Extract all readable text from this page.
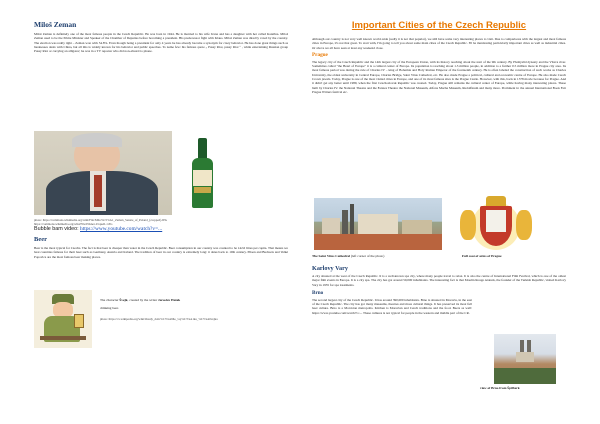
Miloš Zeman
Miloš Zeman is definitely one of the most famous people in the Czech Republic. He was born in 1944. He is married to his wife Ivana and has a daughter with her called Kateřina. Miloš Zeman used to be the Prime Minister and Speaker of the Chamber of Deputies before becoming a president. His predecessor fight with Klaus. Miloš Zeman was directly voted by the country. The election was really tight – Zeman won with 54.8%. Even though being a president for only 4 years he has already become a synonym for crazy behavior. He has done great things such as businesses deals with China, but all this is widely known for his behavior and public speeches. To name few: his famous quote „ Pussy Riot, pussy Riot “ , while entertaining Russian group Pussy Riot or carrying an alligator; he was in a TV reporter who did non-absurd to phone.

photo: https://commons.wikimedia.org/wiki/File:Milo%C5%A1_Zeman_Senate_of_Poland_(cropped).JPG

https://commons.wikimedia.org/wiki/File:Pilsner-Urquell-1.PG

Bubble bam video: https://www.youtube.com/watch?v=...

Beer
Beer is the most typical for Czechs. The fact is that beer is cheaper than water in the Czech Republic. Beer consumption in our country was counted to be 142.6 litres per capita. That means we beat countries famous for their beer such as Germany, Austria and Ireland. The tradition of beer in our country is extremely long: it dates back to 10th century. Pilsen and Budweis and Velké Popovice are the most famous beer making places.

The character Švejk, created by the writer Jaroslav Hašek

drinking beer.

photo: https://cs.wikipedia.org/wiki/Osudy_dobr%C3%A9ho_voj%C3%A1ka_%C5%A0vejka

Important Cities of the Czech Republic
Although our country is not very well known world-wide (sadly it is not that popular), we still have some very interesting places to visit. Due to comparisons with the largest and most famous cities in Europe, it's not that great. To start with, I'm going to tell you about some main cities of the Czech Republic. I'll be mentioning particularly important cities as well as industrial cities. Or above we all have seen at least any weekend close.
Prague
The legacy city of the Czech Republic and the 14th largest city of the European Union, with its history reaching about the start of the 9th century. By Přemyslid dynasty and the Vltava river. Sometimes called "the Heart of Europe" it is a cultural center of Europe. Its population is reaching about 1.3 million people, in addition to a further 0.5 million more in Prague city area. Its most famous period was during the rule of Charles IV – king of Bohemia and Holy Roman Emperor of the fourteenth century. He is often labeled the construction of such works as Charles University, the oldest university in Central Europe, Charles Bridge, Saint Vitus Cathedral, etc. He also made Prague a political, cultural and economic centre of Europe. He also made Czech Crown jewels. Today, Prague is one of the most visited cities in Europe, and one of its most famous sites is the Prague Castle. However, with this, back in 1378 movie because for Prague. And it didn't get any better until 1989, when the first Czechoslovak Republic was created. Today, Prague still remains the cultural center of Europe, while having many interesting places. These built by Charles IV. the National Theatre and the Estates Theatre the National Museum, Alfons Mucha Museum, Rudolfinum and many more. Prominent is: the annual International Book Fair Prague Writers festival etc.
The Saint Vitus Cathedral (left corner of the photo)	Full coat of arms of Prague
Karlovy Vary
A city situated at the west of the Czech Republic. It is a well-known spa city, where many people travel to relax. It is also the centre of International Film Festival, which is one of the oldest major film events in Europe. It is a city spa. The city has got around 50,000 inhabitants. The interesting fact is that Moulin Rouge Ataturk, the founder of the Turkish Republic, visited Karlovy Vary in 1935 for spa treatments.
Brno
The second largest city of the Czech Republic. It has around 390,000 inhabitants. Brno is situated in Moravia, in the east of the Czech Republic. The city has got many museums, theatres and more cultural things. It has preserved its most full beer culture. Brno is a Moravian metropolis. Kitchen is Moravian and Czech traditions and the food. Beers as well: https://www.youtube.com/watch?v=... These cultures is not typical for people in the western and middle part of the CR.
view of Brno from Špilberk
